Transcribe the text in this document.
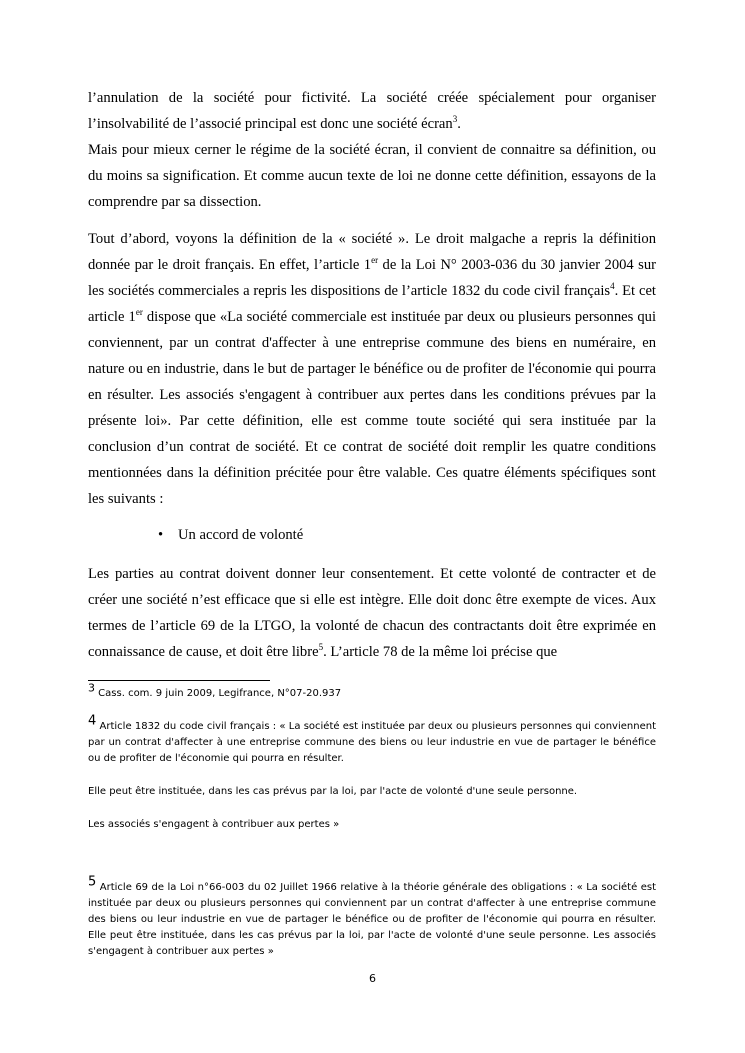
l’annulation de la société pour fictivité. La société créée spécialement pour organiser l’insolvabilité de l’associé principal est donc une société écran$^3$.
Mais pour mieux cerner le régime de la société écran, il convient de connaitre sa définition, ou du moins sa signification. Et comme aucun texte de loi ne donne cette définition, essayons de la comprendre par sa dissection.

Tout d’abord, voyons la définition de la « société ». Le droit malgache a repris la définition donnée par le droit français. En effet, l’article 1er de la Loi N° 2003-036 du 30 janvier 2004 sur les sociétés commerciales a repris les dispositions de l’article 1832 du code civil français$^4$. Et cet article 1er dispose que «La société commerciale est instituée par deux ou plusieurs personnes qui conviennent, par un contrat d'affecter à une entreprise commune des biens en numéraire, en nature ou en industrie, dans le but de partager le bénéfice ou de profiter de l'économie qui pourra en résulter. Les associés s'engagent à contribuer aux pertes dans les conditions prévues par la présente loi». Par cette définition, elle est comme toute société qui sera instituée par la conclusion d’un contrat de société. Et ce contrat de société doit remplir les quatre conditions mentionnées dans la définition précitée pour être valable. Ces quatre éléments spécifiques sont les suivants :

• Un accord de volonté

Les parties au contrat doivent donner leur consentement. Et cette volonté de contracter et de créer une société n’est efficace que si elle est intègre. Elle doit donc être exempte de vices. Aux termes de l’article 69 de la LTGO, la volonté de chacun des contractants doit être exprimée en connaissance de cause, et doit être libre$^5$. L’article 78 de la même loi précise que

$^3$ Cass. com. 9 juin 2009, Legifrance, N°07-20.937

$^4$ Article 1832 du code civil français : « La société est instituée par deux ou plusieurs personnes qui conviennent par un contrat d'affecter à une entreprise commune des biens ou leur industrie en vue de partager le bénéfice ou de profiter de l'économie qui pourra en résulter.

Elle peut être instituée, dans les cas prévus par la loi, par l'acte de volonté d'une seule personne.

Les associés s'engagent à contribuer aux pertes »

$^5$ Article 69 de la Loi n°66-003 du 02 Juillet 1966 relative à la théorie générale des obligations : « La société est instituée par deux ou plusieurs personnes qui conviennent par un contrat d'affecter à une entreprise commune des biens ou leur industrie en vue de partager le bénéfice ou de profiter de l'économie qui pourra en résulter. Elle peut être instituée, dans les cas prévus par la loi, par l'acte de volonté d'une seule personne. Les associés s'engagent à contribuer aux pertes »

6
